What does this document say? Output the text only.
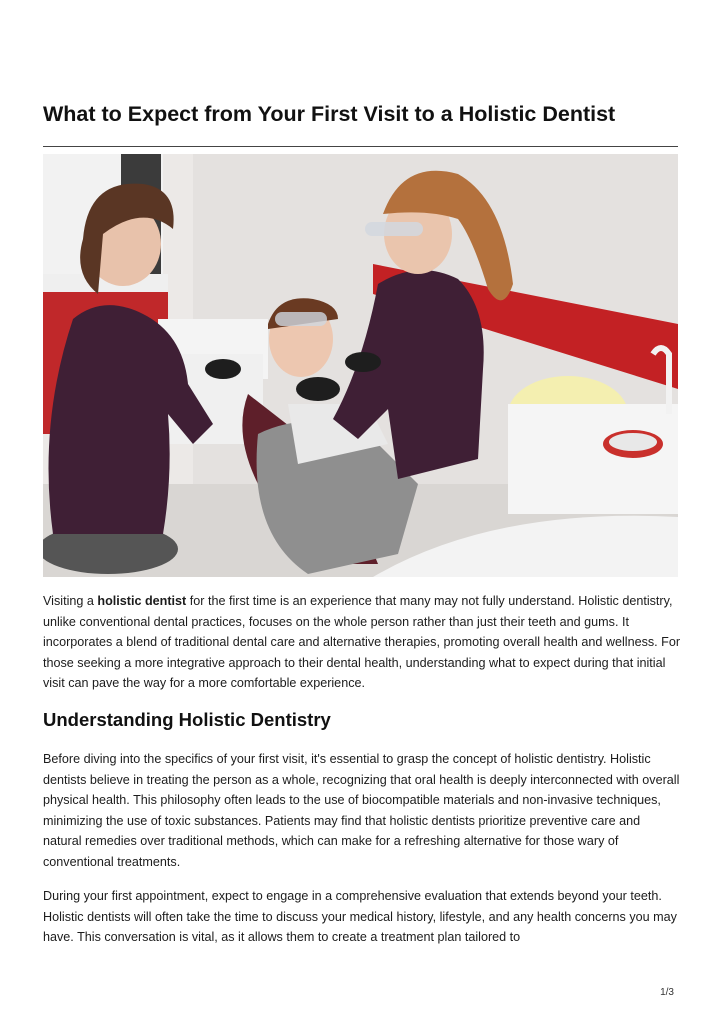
What to Expect from Your First Visit to a Holistic Dentist

Visiting a holistic dentist for the first time is an experience that many may not fully understand. Holistic dentistry, unlike conventional dental practices, focuses on the whole person rather than just their teeth and gums. It incorporates a blend of traditional dental care and alternative therapies, promoting overall health and wellness. For those seeking a more integrative approach to their dental health, understanding what to expect during that initial visit can pave the way for a more comfortable experience.

Understanding Holistic Dentistry

Before diving into the specifics of your first visit, it's essential to grasp the concept of holistic dentistry. Holistic dentists believe in treating the person as a whole, recognizing that oral health is deeply interconnected with overall physical health. This philosophy often leads to the use of biocompatible materials and non-invasive techniques, minimizing the use of toxic substances. Patients may find that holistic dentists prioritize preventive care and natural remedies over traditional methods, which can make for a refreshing alternative for those wary of conventional treatments.

During your first appointment, expect to engage in a comprehensive evaluation that extends beyond your teeth. Holistic dentists will often take the time to discuss your medical history, lifestyle, and any health concerns you may have. This conversation is vital, as it allows them to create a treatment plan tailored to

1/3
